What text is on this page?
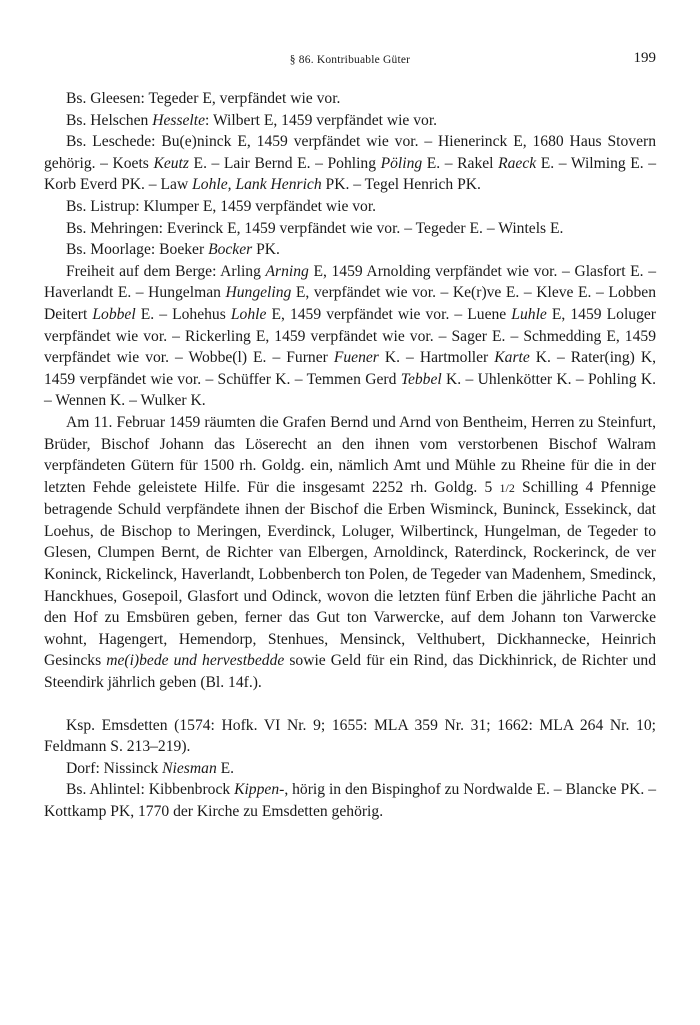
§ 86. Kontribuable Güter	199

Bs. Gleesen: Tegeder E, verpfändet wie vor.

Bs. Helschen Hesselte: Wilbert E, 1459 verpfändet wie vor.

Bs. Leschede: Bu(e)ninck E, 1459 verpfändet wie vor. – Hienerinck E, 1680 Haus Stovern gehörig. – Koets Keutz E. – Lair Bernd E. – Pohling Pöling E. – Rakel Raeck E. – Wilming E. – Korb Everd PK. – Law Lohle, Lank Henrich PK. – Tegel Henrich PK.

Bs. Listrup: Klumper E, 1459 verpfändet wie vor.

Bs. Mehringen: Everinck E, 1459 verpfändet wie vor. – Tegeder E. – Wintels E.

Bs. Moorlage: Boeker Bocker PK.

Freiheit auf dem Berge: Arling Arning E, 1459 Arnolding verpfändet wie vor. – Glasfort E. – Haverlandt E. – Hungelman Hungeling E, verpfändet wie vor. – Ke(r)ve E. – Kleve E. – Lobben Deitert Lobbel E. – Lohehus Lohle E, 1459 verpfändet wie vor. – Luene Luhle E, 1459 Loluger verpfändet wie vor. – Rickerling E, 1459 verpfändet wie vor. – Sager E. – Schmedding E, 1459 verpfändet wie vor. – Wobbe(l) E. – Furner Fuener K. – Hartmoller Karte K. – Rater(ing) K, 1459 verpfändet wie vor. – Schüffer K. – Temmen Gerd Tebbel K. – Uhlenkötter K. – Pohling K. – Wennen K. – Wulker K.

Am 11. Februar 1459 räumten die Grafen Bernd und Arnd von Bentheim, Herren zu Steinfurt, Brüder, Bischof Johann das Löserecht an den ihnen vom verstorbenen Bischof Walram verpfändeten Gütern für 1500 rh. Goldg. ein, nämlich Amt und Mühle zu Rheine für die in der letzten Fehde geleistete Hilfe. Für die insgesamt 2252 rh. Goldg. 5 1/2 Schilling 4 Pfennige betragende Schuld verpfändete ihnen der Bischof die Erben Wisminck, Buninck, Essekinck, dat Loehus, de Bischop to Meringen, Everdinck, Loluger, Wilbertinck, Hungelman, de Tegeder to Glesen, Clumpen Bernt, de Richter van Elbergen, Arnoldinck, Raterdinck, Rockerinck, de ver Koninck, Rickelinck, Haverlandt, Lobbenberch ton Polen, de Tegeder van Madenhem, Smedinck, Hanckhues, Gosepoil, Glasfort und Odinck, wovon die letzten fünf Erben die jährliche Pacht an den Hof zu Emsbüren geben, ferner das Gut ton Varwercke, auf dem Johann ton Varwercke wohnt, Hagengert, Hemendorp, Stenhues, Mensinck, Velthubert, Dickhannecke, Heinrich Gesincks me(i)bede und hervestbedde sowie Geld für ein Rind, das Dickhinrick, de Richter und Steendirk jährlich geben (Bl. 14f.).

Ksp. Emsdetten (1574: Hofk. VI Nr. 9; 1655: MLA 359 Nr. 31; 1662: MLA 264 Nr. 10; Feldmann S. 213–219).

Dorf: Nissinck Niesman E.

Bs. Ahlintel: Kibbenbrock Kippen-, hörig in den Bispinghof zu Nordwalde E. – Blancke PK. – Kottkamp PK, 1770 der Kirche zu Emsdetten gehörig.
